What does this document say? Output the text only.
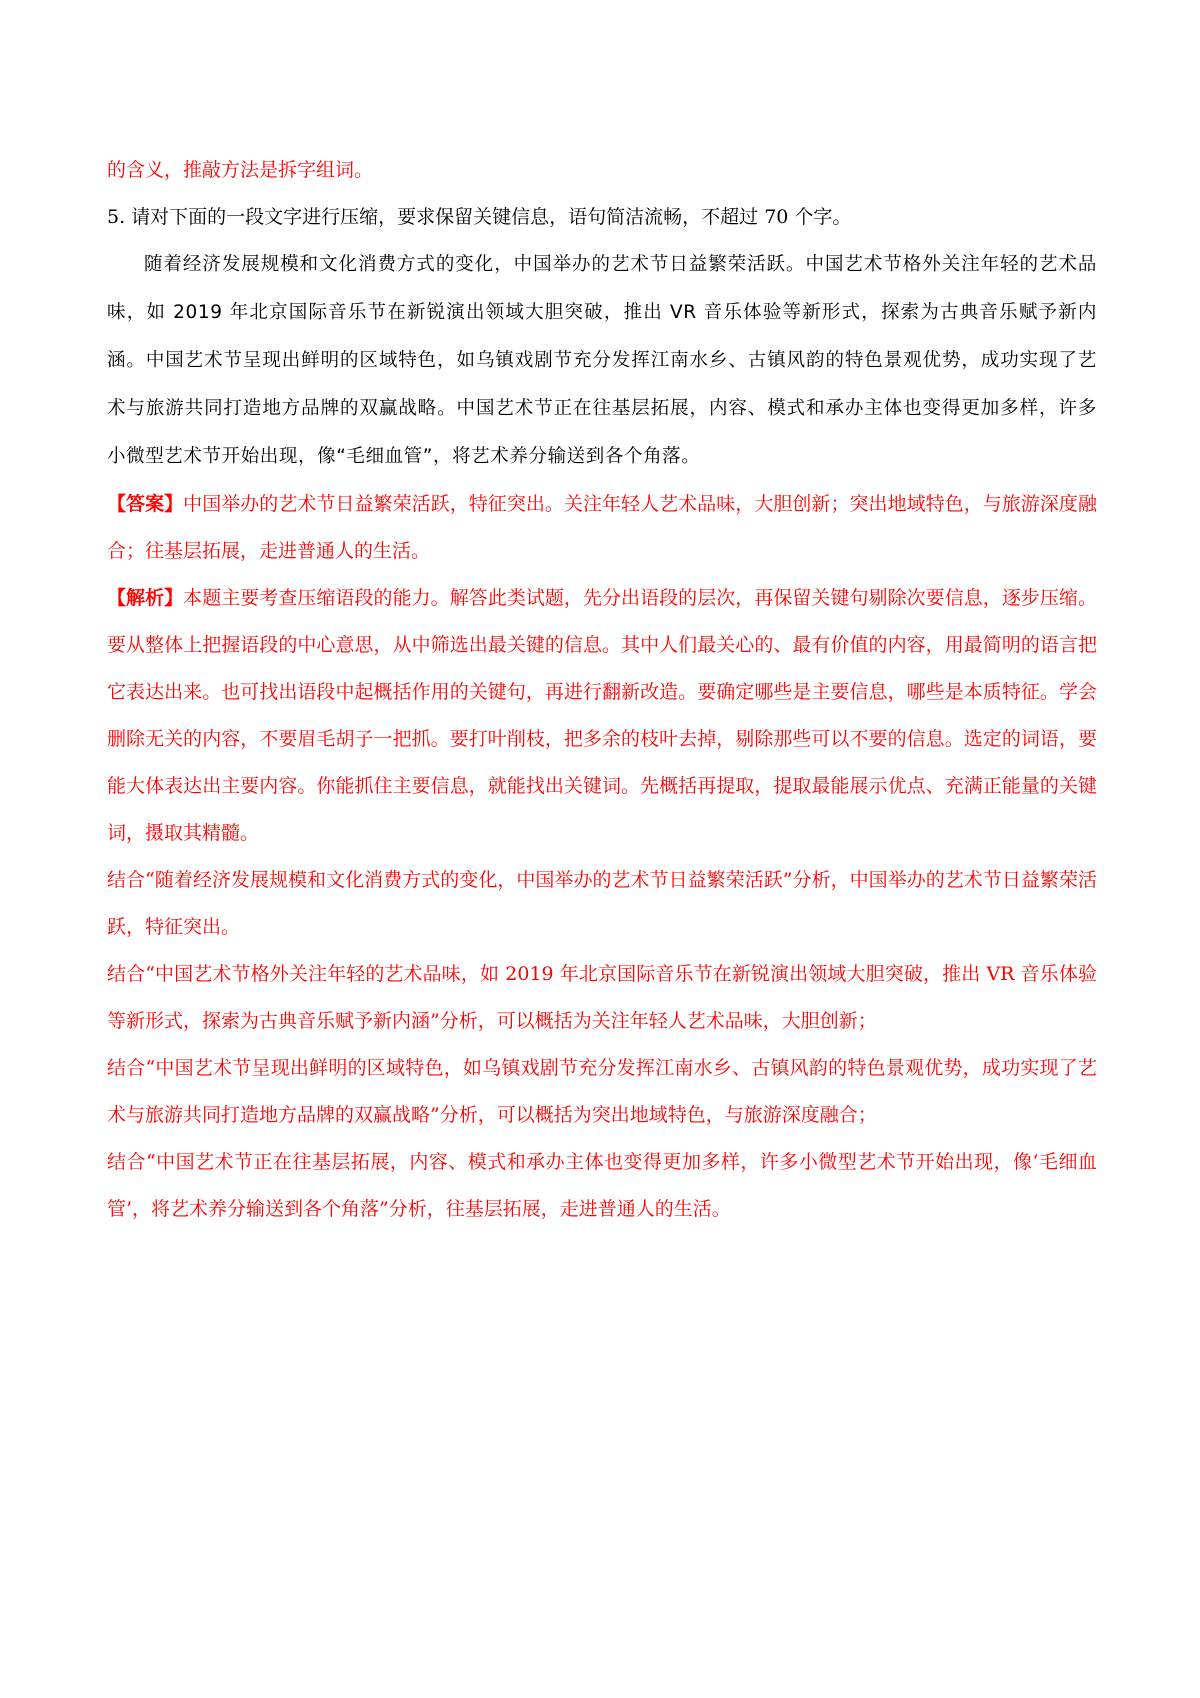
的含义，推敲方法是拆字组词。

5. 请对下面的一段文字进行压缩，要求保留关键信息，语句简洁流畅，不超过 70 个字。

随着经济发展规模和文化消费方式的变化，中国举办的艺术节日益繁荣活跃。中国艺术节格外关注年轻的艺术品味，如 2019 年北京国际音乐节在新锐演出领域大胆突破，推出 VR 音乐体验等新形式，探索为古典音乐赋予新内涵。中国艺术节呈现出鲜明的区域特色，如乌镇戏剧节充分发挥江南水乡、古镇风韵的特色景观优势，成功实现了艺术与旅游共同打造地方品牌的双赢战略。中国艺术节正在往基层拓展，内容、模式和承办主体也变得更加多样，许多小微型艺术节开始出现，像“毛细血管”，将艺术养分输送到各个角落。

【答案】中国举办的艺术节日益繁荣活跃，特征突出。关注年轻人艺术品味，大胆创新；突出地域特色，与旅游深度融合；往基层拓展，走进普通人的生活。

【解析】本题主要考查压缩语段的能力。解答此类试题，先分出语段的层次，再保留关键句剔除次要信息，逐步压缩。要从整体上把握语段的中心意思，从中筛选出最关键的信息。其中人们最关心的、最有价值的内容，用最简明的语言把它表达出来。也可找出语段中起概括作用的关键句，再进行翻新改造。要确定哪些是主要信息，哪些是本质特征。学会删除无关的内容，不要眉毛胡子一把抓。要打叶削枝，把多余的枝叶去掉，剔除那些可以不要的信息。选定的词语，要能大体表达出主要内容。你能抓住主要信息，就能找出关键词。先概括再提取，提取最能展示优点、充满正能量的关键词，摄取其精髓。

结合“随着经济发展规模和文化消费方式的变化，中国举办的艺术节日益繁荣活跃”分析，中国举办的艺术节日益繁荣活跃，特征突出。

结合“中国艺术节格外关注年轻的艺术品味，如 2019 年北京国际音乐节在新锐演出领域大胆突破，推出 VR 音乐体验等新形式，探索为古典音乐赋予新内涵”分析，可以概括为关注年轻人艺术品味，大胆创新；

结合“中国艺术节呈现出鲜明的区域特色，如乌镇戏剧节充分发挥江南水乡、古镇风韵的特色景观优势，成功实现了艺术与旅游共同打造地方品牌的双赢战略”分析，可以概括为突出地域特色，与旅游深度融合；

结合“中国艺术节正在往基层拓展，内容、模式和承办主体也变得更加多样，许多小微型艺术节开始出现，像‘毛细血管’，将艺术养分输送到各个角落”分析，往基层拓展，走进普通人的生活。
